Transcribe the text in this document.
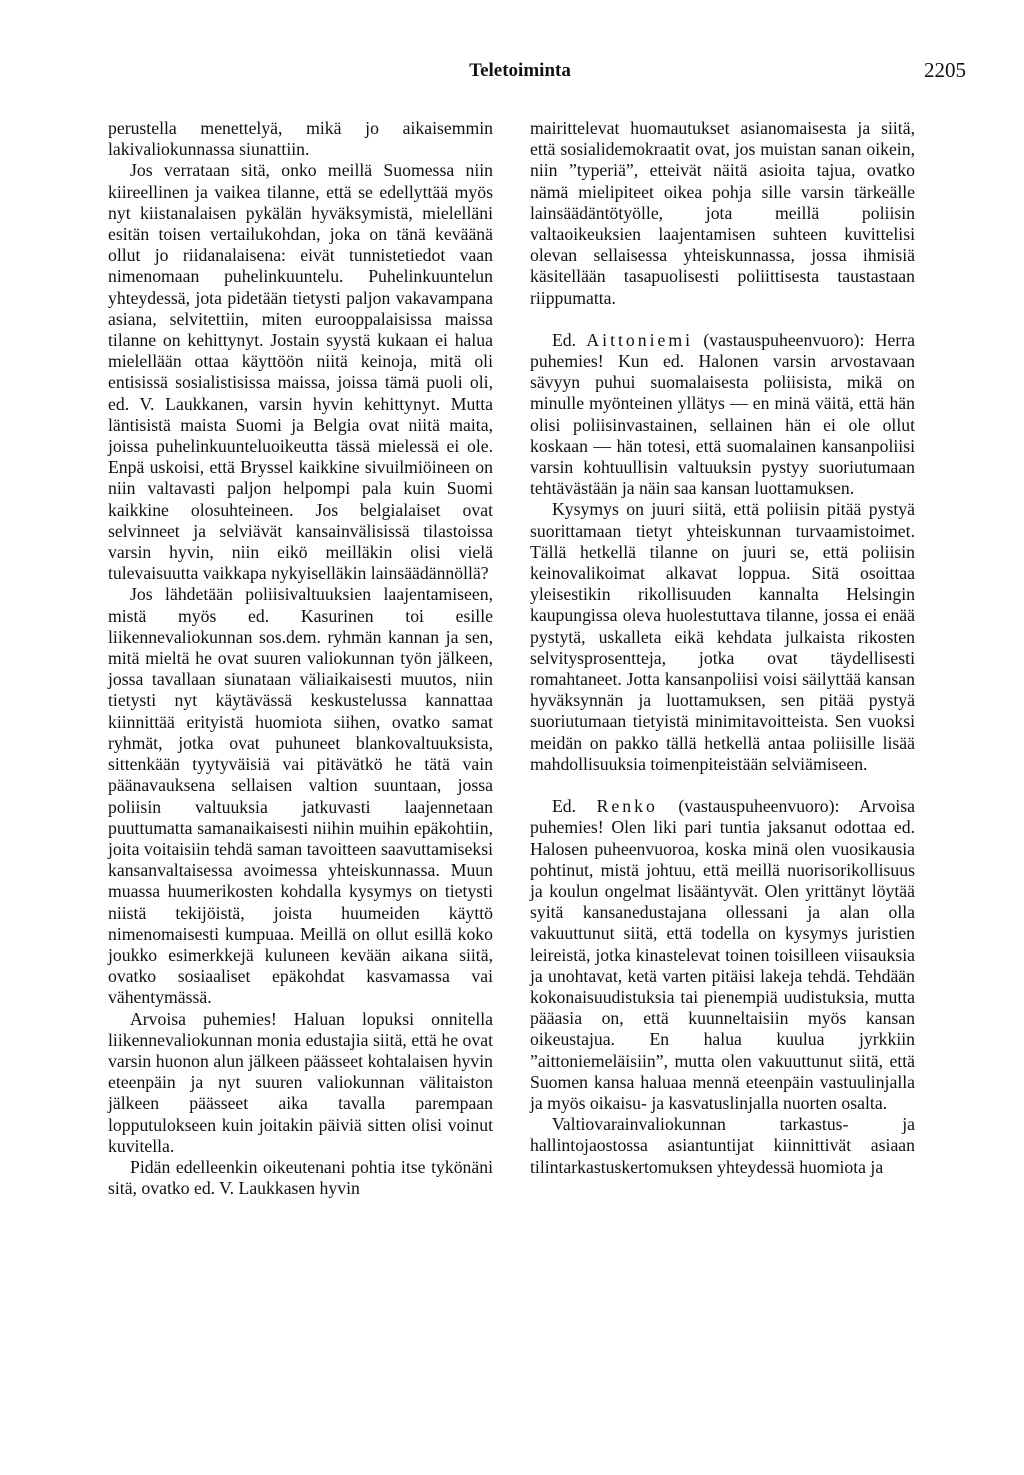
Teletoiminta	2205

perustella menettelyä, mikä jo aikaisemmin lakivaliokunnassa siunattiin.

Jos verrataan sitä, onko meillä Suomessa niin kiireellinen ja vaikea tilanne, että se edellyttää myös nyt kiistanalaisen pykälän hyväksymistä, mielelläni esitän toisen vertailukohdan, joka on tänä keväänä ollut jo riidanalaisena: eivät tunnistetiedot vaan nimenomaan puhelinkuuntelu. Puhelinkuuntelun yhteydessä, jota pidetään tietysti paljon vakavampana asiana, selvitettiin, miten eurooppalaisissa maissa tilanne on kehittynyt. Jostain syystä kukaan ei halua mielellään ottaa käyttöön niitä keinoja, mitä oli entisissä sosialistisissa maissa, joissa tämä puoli oli, ed. V. Laukkanen, varsin hyvin kehittynyt. Mutta läntisistä maista Suomi ja Belgia ovat niitä maita, joissa puhelinkuunteluoikeutta tässä mielessä ei ole. Enpä uskoisi, että Bryssel kaikkine sivuilmiöineen on niin valtavasti paljon helpompi pala kuin Suomi kaikkine olosuhteineen. Jos belgialaiset ovat selvinneet ja selviävät kansainvälisissä tilastoissa varsin hyvin, niin eikö meilläkin olisi vielä tulevaisuutta vaikkapa nykyiselläkin lainsäädännöllä?

Jos lähdetään poliisivaltuuksien laajentamiseen, mistä myös ed. Kasurinen toi esille liikennevaliokunnan sos.dem. ryhmän kannan ja sen, mitä mieltä he ovat suuren valiokunnan työn jälkeen, jossa tavallaan siunataan väliaikaisesti muutos, niin tietysti nyt käytävässä keskustelussa kannattaa kiinnittää erityistä huomiota siihen, ovatko samat ryhmät, jotka ovat puhuneet blankovaltuuksista, sittenkään tyytyväisiä vai pitävätkö he tätä vain päänavauksena sellaisen valtion suuntaan, jossa poliisin valtuuksia jatkuvasti laajennetaan puuttumatta samanaikaisesti niihin muihin epäkohtiin, joita voitaisiin tehdä saman tavoitteen saavuttamiseksi kansanvaltaisessa avoimessa yhteiskunnassa. Muun muassa huumerikosten kohdalla kysymys on tietysti niistä tekijöistä, joista huumeiden käyttö nimenomaisesti kumpuaa. Meillä on ollut esillä koko joukko esimerkkejä kuluneen kevään aikana siitä, ovatko sosiaaliset epäkohdat kasvamassa vai vähentymässä.

Arvoisa puhemies! Haluan lopuksi onnitella liikennevaliokunnan monia edustajia siitä, että he ovat varsin huonon alun jälkeen päässeet kohtalaisen hyvin eteenpäin ja nyt suuren valiokunnan välitaiston jälkeen päässeet aika tavalla parempaan lopputulokseen kuin joitakin päiviä sitten olisi voinut kuvitella.

Pidän edelleenkin oikeutenani pohtia itse tykönäni sitä, ovatko ed. V. Laukkasen hyvin

mairittelevat huomautukset asianomaisesta ja siitä, että sosialidemokraatit ovat, jos muistan sanan oikein, niin ”typeriä”, etteivät näitä asioita tajua, ovatko nämä mielipiteet oikea pohja sille varsin tärkeälle lainsäädäntötyölle, jota meillä poliisin valtaoikeuksien laajentamisen suhteen kuvittelisi olevan sellaisessa yhteiskunnassa, jossa ihmisiä käsitellään tasapuolisesti poliittisesta taustastaan riippumatta.

Ed. Aittoniemi (vastauspuheenvuoro): Herra puhemies! Kun ed. Halonen varsin arvostavaan sävyyn puhui suomalaisesta poliisista, mikä on minulle myönteinen yllätys — en minä väitä, että hän olisi poliisinvastainen, sellainen hän ei ole ollut koskaan — hän totesi, että suomalainen kansanpoliisi varsin kohtuullisin valtuuksin pystyy suoriutumaan tehtävästään ja näin saa kansan luottamuksen.

Kysymys on juuri siitä, että poliisin pitää pystyä suorittamaan tietyt yhteiskunnan turvaamistoimet. Tällä hetkellä tilanne on juuri se, että poliisin keinovalikoimat alkavat loppua. Sitä osoittaa yleisestikin rikollisuuden kannalta Helsingin kaupungissa oleva huolestuttava tilanne, jossa ei enää pystytä, uskalleta eikä kehdata julkaista rikosten selvitysprosentteja, jotka ovat täydellisesti romahtaneet. Jotta kansanpoliisi voisi säilyttää kansan hyväksynnän ja luottamuksen, sen pitää pystyä suoriutumaan tietyistä minimitavoitteista. Sen vuoksi meidän on pakko tällä hetkellä antaa poliisille lisää mahdollisuuksia toimenpiteistään selviämiseen.

Ed. Renko (vastauspuheenvuoro): Arvoisa puhemies! Olen liki pari tuntia jaksanut odottaa ed. Halosen puheenvuoroa, koska minä olen vuosikausia pohtinut, mistä johtuu, että meillä nuorisorikollisuus ja koulun ongelmat lisääntyvät. Olen yrittänyt löytää syitä kansanedustajana ollessani ja alan olla vakuuttunut siitä, että todella on kysymys juristien leireistä, jotka kinastelevat toinen toisilleen viisauksia ja unohtavat, ketä varten pitäisi lakeja tehdä. Tehdään kokonaisuudistuksia tai pienempiä uudistuksia, mutta pääasia on, että kuunneltaisiin myös kansan oikeustajua. En halua kuulua jyrkkiin ”aittoniemeläisiin”, mutta olen vakuuttunut siitä, että Suomen kansa haluaa mennä eteenpäin vastuulinjalla ja myös oikaisu- ja kasvatuslinjalla nuorten osalta.

Valtiovarainvaliokunnan tarkastus- ja hallintojaostossa asiantuntijat kiinnittivät asiaan tilintarkastuskertomuksen yhteydessä huomiota ja
